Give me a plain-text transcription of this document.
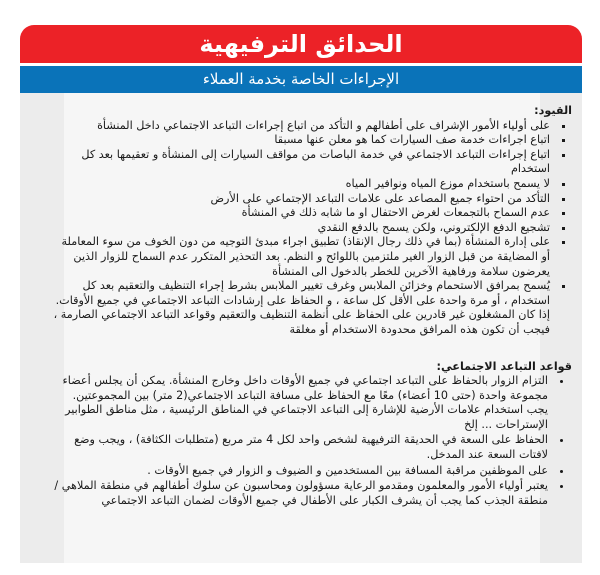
الحدائق الترفيهية
الإجراءات الخاصة بخدمة العملاء

القيود:

▪ على أولياء الأمور الإشراف على أطفالهم و التأكد من اتباع إجراءات التباعد الاجتماعي داخل المنشأة
▪ اتباع اجراءات خدمة صف السيارات كما هو معلن عنها مسبقا
▪ اتباع إجراءات التباعد الاجتماعي في خدمة الباصات من مواقف السيارات إلى المنشأة و تعقيمها بعد كل استخدام
▪ لا يسمح باستخدام موزع المياه ونوافير المياه
▪ التأكد من احتواء جميع المصاعد على علامات التباعد الإجتماعي على الأرض
▪ عدم السماح بالتجمعات لغرض الاحتفال او ما شابه ذلك في المنشأة
▪ تشجيع الدفع الإلكتروني، ولكن يسمح بالدفع النقدي
▪ على إدارة المنشأة (بما في ذلك رجال الإنقاذ) تطبيق اجراء مبدئ التوجيه من دون الخوف من سوء المعاملة أو المضايقة من قبل الزوار الغير ملتزمين باللوائح و النظم. بعد التحذير المتكرر عدم السماح للزوار الذين يعرضون سلامة ورفاهية الآخرين للخطر بالدخول الى المنشأة
▪ يُسمح بمرافق الاستحمام وخزائن الملابس وغرف تغيير الملابس بشرط إجراء التنظيف والتعقيم بعد كل استخدام ، أو مرة واحدة على الأقل كل ساعة ، و الحفاظ على إرشادات التباعد الاجتماعي في جميع الأوقات. إذا كان المشغلون غير قادرين على الحفاظ على أنظمة التنظيف والتعقيم وقواعد التباعد الاجتماعي الصارمة ، فيجب أن تكون هذه المرافق محدودة الاستخدام أو مغلقة

قواعد التباعد الاجتماعي:

• التزام الزوار بالحفاظ على التباعد اجتماعي في جميع الأوقات داخل وخارج المنشأة. يمكن أن يجلس أعضاء مجموعة واحدة (حتى 10 أعضاء) معًا مع الحفاظ على مسافة التباعد الاجتماعي(2 متر) بين المجموعتين. يجب استخدام علامات الأرضية للإشارة إلى التباعد الاجتماعي في المناطق الرئيسية ، مثل مناطق الطوابير الإستراحات ... إلخ
• الحفاظ على السعة في الحديقة الترفيهية لشخص واحد لكل 4 متر مربع (متطلبات الكثافة) ، ويجب وضع لافتات السعة عند المدخل.
• على الموظفين مراقبة المسافة بين المستخدمين و الضيوف و الزوار في جميع الأوقات .
• يعتبر أولياء الأمور والمعلمون ومقدمو الرعاية مسؤولون ومحاسبون عن سلوك أطفالهم في منطقة الملاهي / منطقة الجذب كما يجب أن يشرف الكبار على الأطفال في جميع الأوقات لضمان التباعد الاجتماعي
